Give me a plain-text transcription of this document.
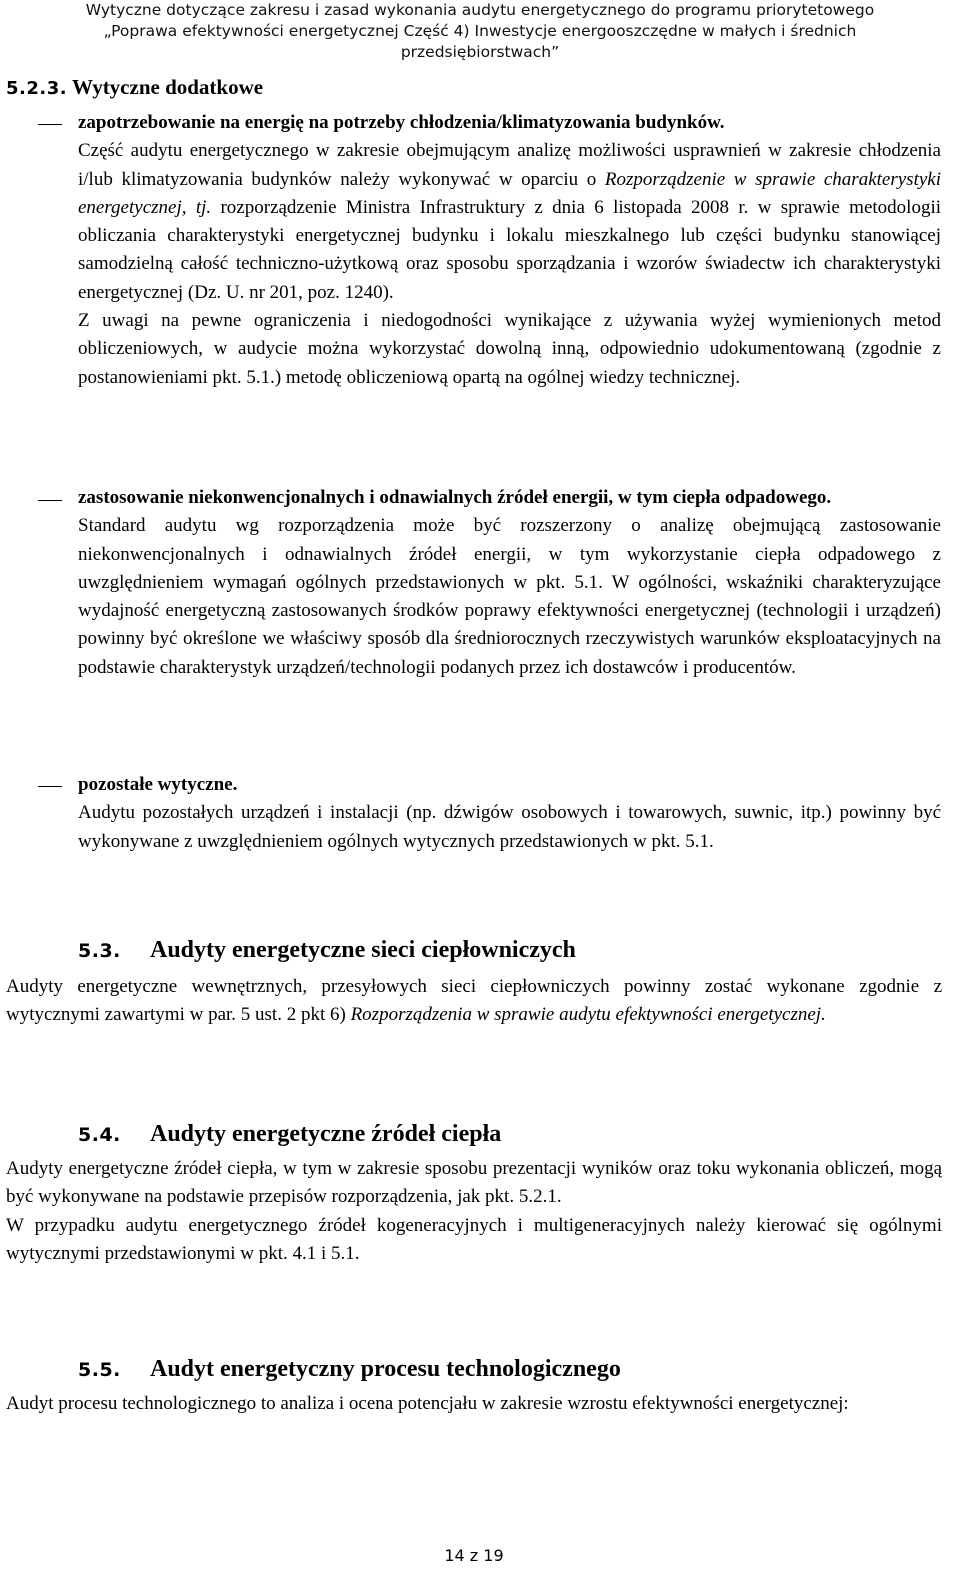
Wytyczne dotyczące zakresu i zasad wykonania audytu energetycznego do programu priorytetowego
„Poprawa efektywności energetycznej Część 4) Inwestycje energooszczędne w małych i średnich
przedsiębiorstwach”
5.2.3. Wytyczne dodatkowe

zapotrzebowanie na energię na potrzeby chłodzenia/klimatyzowania budynków.

Część audytu energetycznego w zakresie obejmującym analizę możliwości usprawnień w zakresie chłodzenia i/lub klimatyzowania budynków należy wykonywać w oparciu o Rozporządzenie w sprawie charakterystyki energetycznej, tj. rozporządzenie Ministra Infrastruktury z dnia 6 listopada 2008 r. w sprawie metodologii obliczania charakterystyki energetycznej budynku i lokalu mieszkalnego lub części budynku stanowiącej samodzielną całość techniczno-użytkową oraz sposobu sporządzania i wzorów świadectw ich charakterystyki energetycznej (Dz. U. nr 201, poz. 1240).

Z uwagi na pewne ograniczenia i niedogodności wynikające z używania wyżej wymienionych metod obliczeniowych, w audycie można wykorzystać dowolną inną, odpowiednio udokumentowaną (zgodnie z postanowieniami pkt. 5.1.) metodę obliczeniową opartą na ogólnej wiedzy technicznej.

zastosowanie niekonwencjonalnych i odnawialnych źródeł energii, w tym ciepła odpadowego.

Standard audytu wg rozporządzenia może być rozszerzony o analizę obejmującą zastosowanie niekonwencjonalnych i odnawialnych źródeł energii, w tym wykorzystanie ciepła odpadowego z uwzględnieniem wymagań ogólnych przedstawionych w pkt. 5.1. W ogólności, wskaźniki charakteryzujące wydajność energetyczną zastosowanych środków poprawy efektywności energetycznej (technologii i urządzeń) powinny być określone we właściwy sposób dla średniorocznych rzeczywistych warunków eksploatacyjnych na podstawie charakterystyk urządzeń/technologii podanych przez ich dostawców i producentów.

pozostałe wytyczne.

Audytu pozostałych urządzeń i instalacji (np. dźwigów osobowych i towarowych, suwnic, itp.) powinny być wykonywane z uwzględnieniem ogólnych wytycznych przedstawionych w pkt. 5.1.

5.3. Audyty energetyczne sieci ciepłowniczych

Audyty energetyczne wewnętrznych, przesyłowych sieci ciepłowniczych powinny zostać wykonane zgodnie z wytycznymi zawartymi w par. 5 ust. 2 pkt 6) Rozporządzenia w sprawie audytu efektywności energetycznej.

5.4. Audyty energetyczne źródeł ciepła

Audyty energetyczne źródeł ciepła, w tym w zakresie sposobu prezentacji wyników oraz toku wykonania obliczeń, mogą być wykonywane na podstawie przepisów rozporządzenia, jak pkt. 5.2.1.

W przypadku audytu energetycznego źródeł kogeneracyjnych i multigeneracyjnych należy kierować się ogólnymi wytycznymi przedstawionymi w pkt. 4.1 i 5.1.

5.5. Audyt energetyczny procesu technologicznego

Audyt procesu technologicznego to analiza i ocena potencjału w zakresie wzrostu efektywności energetycznej:

14 z 19
